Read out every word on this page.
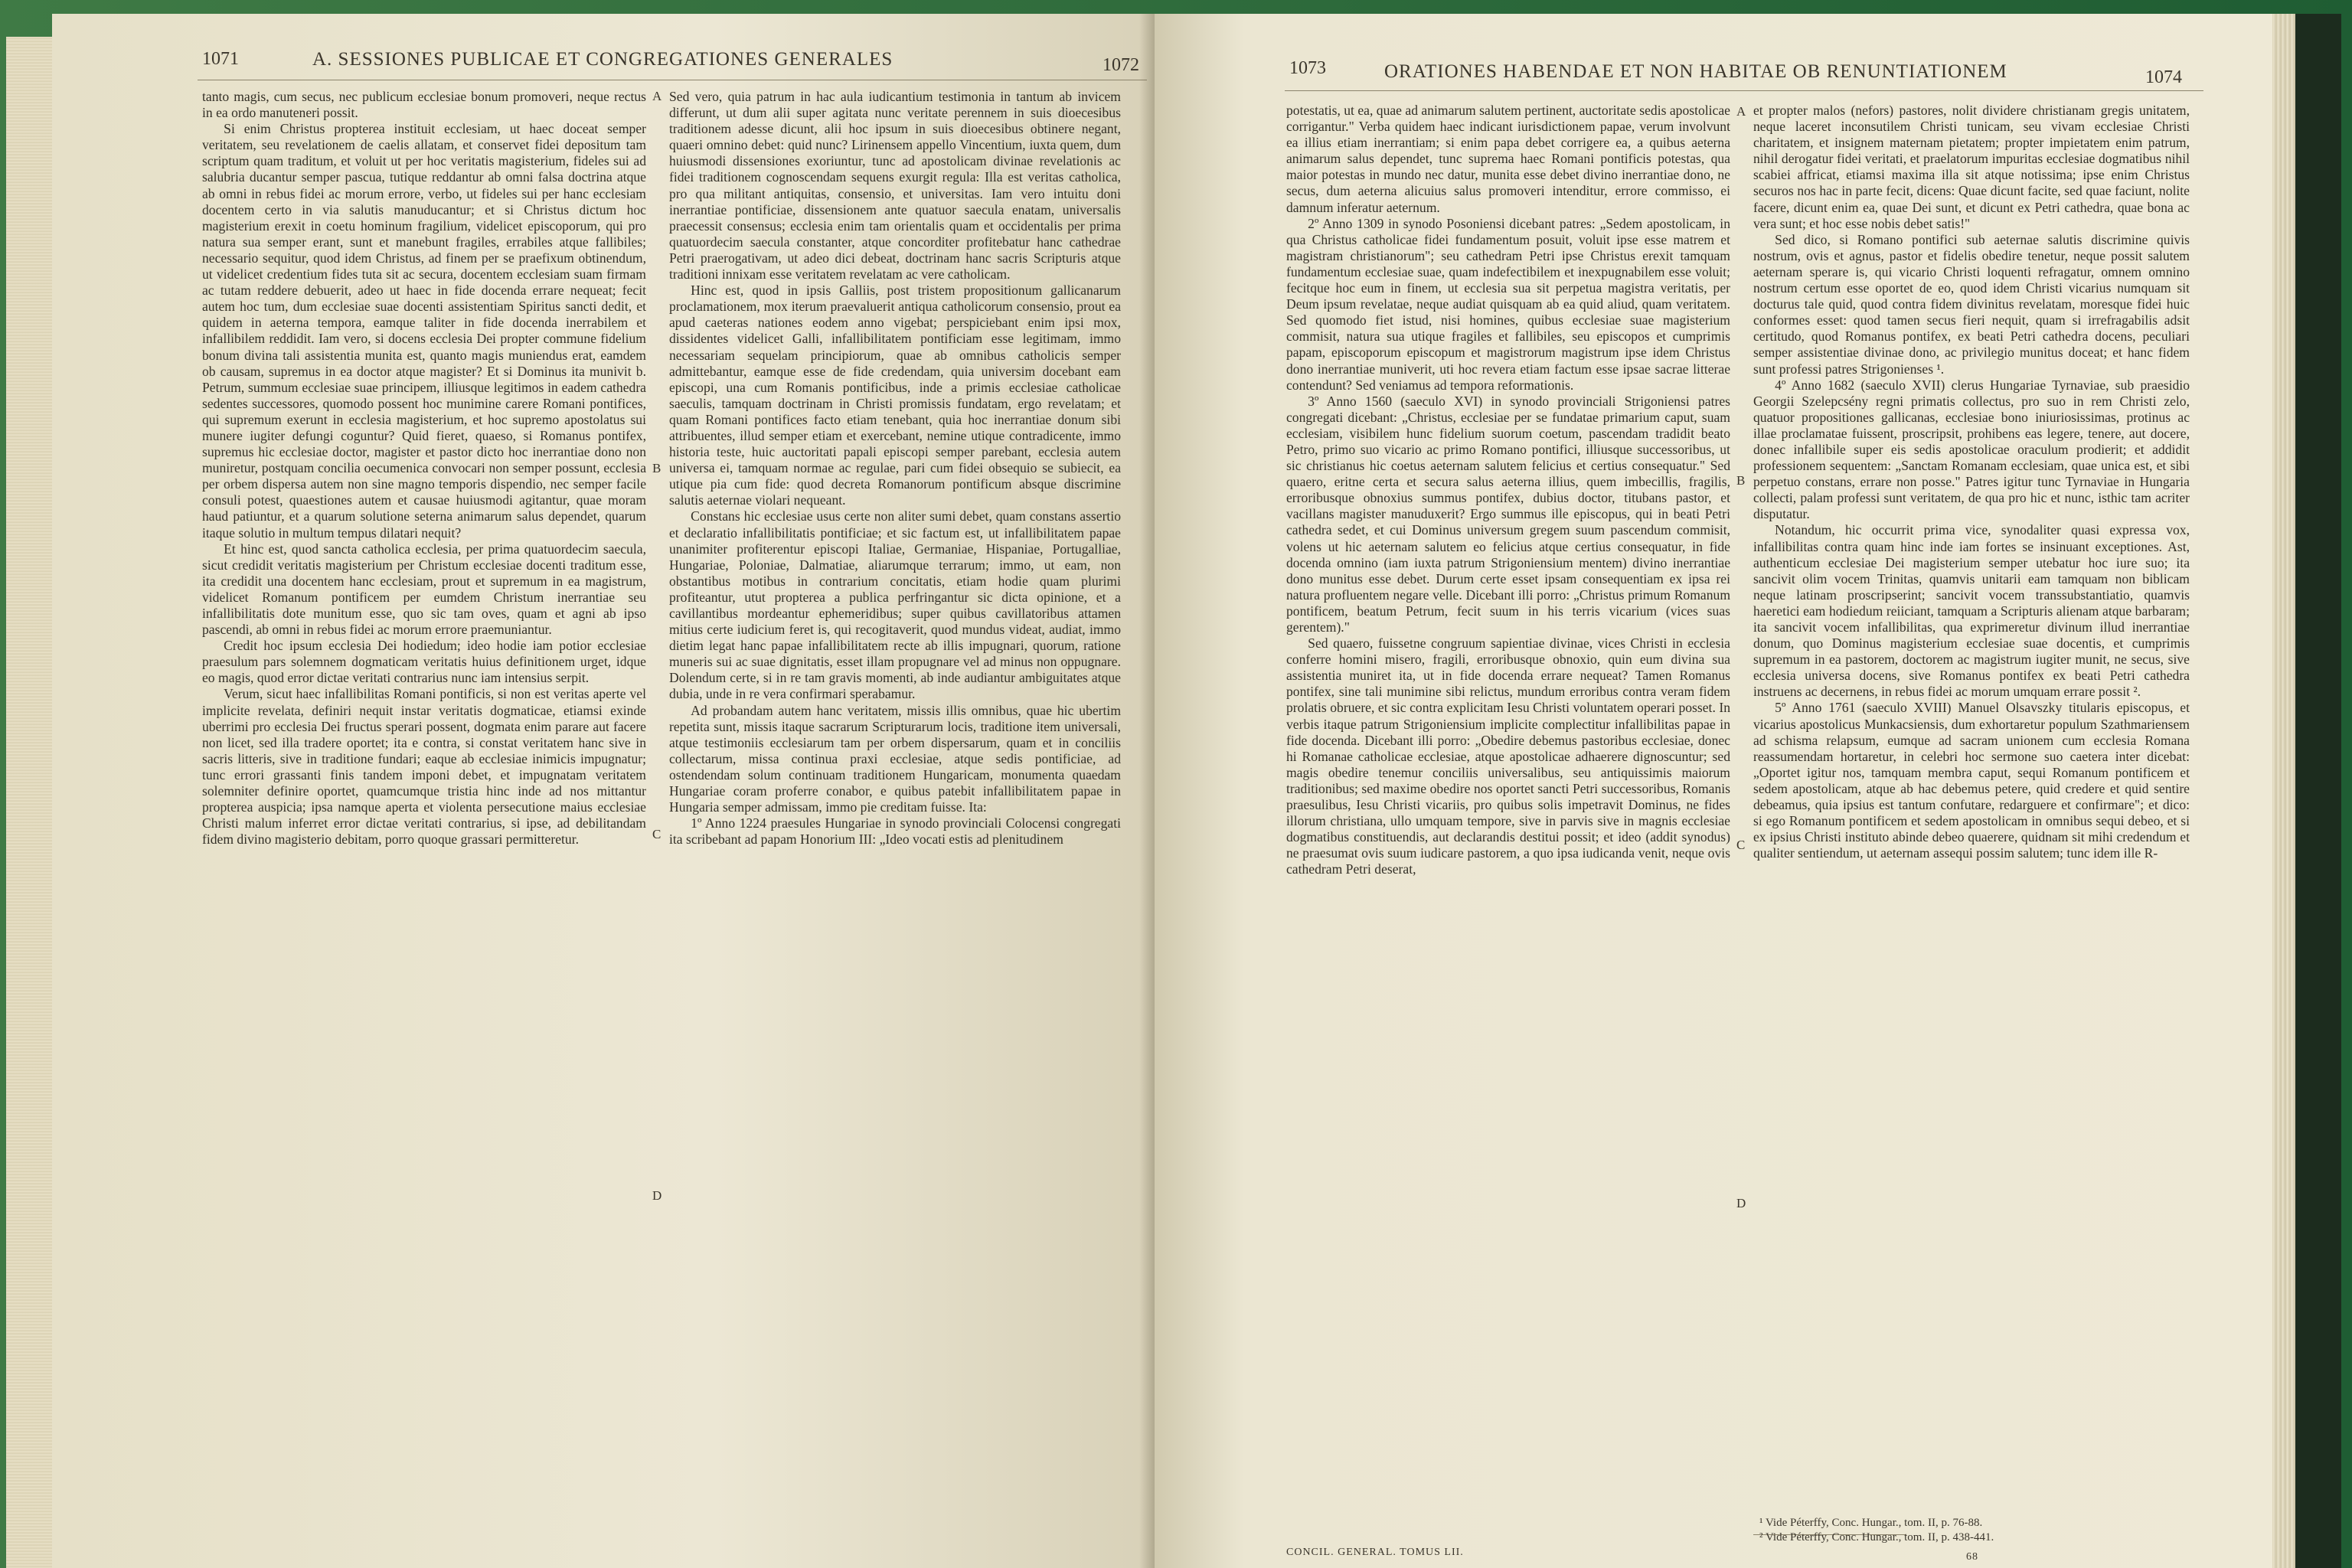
1071	A. SESSIONES PUBLICAE ET CONGREGATIONES GENERALES	1072

tanto magis, cum secus, nec publicum ecclesiae bonum promoveri, neque rectus in ea ordo manuteneri possit.

Si enim Christus propterea instituit ecclesiam, ut haec doceat semper veritatem, seu revelationem de caelis allatam, et conservet fidei depositum tam scriptum quam traditum, et voluit ut per hoc veritatis magisterium, fideles sui ad salubria ducantur semper pascua, tutique reddantur ab omni falsa doctrina atque ab omni in rebus fidei ac morum errore, verbo, ut fideles sui per hanc ecclesiam docentem certo in via salutis manuducantur; et si Christus dictum hoc magisterium erexit in coetu hominum fragilium, videlicet episcoporum, qui pro natura sua semper erant, sunt et manebunt fragiles, errabiles atque fallibiles; necessario sequitur, quod idem Christus, ad finem per se praefixum obtinendum, ut videlicet credentium fides tuta sit ac secura, docentem ecclesiam suam firmam ac tutam reddere debuerit, adeo ut haec in fide docenda errare nequeat; fecit autem hoc tum, dum ecclesiae suae docenti assistentiam Spiritus sancti dedit, et quidem in aeterna tempora, eamque taliter in fide docenda inerrabilem et infallibilem reddidit. Iam vero, si docens ecclesia Dei propter commune fidelium bonum divina tali assistentia munita est, quanto magis muniendus erat, eamdem ob causam, supremus in ea doctor atque magister? Et si Dominus ita munivit b. Petrum, summum ecclesiae suae principem, illiusque legitimos in eadem cathedra sedentes successores, quomodo possent hoc munimine carere Romani pontifices, qui supremum exerunt in ecclesia magisterium, et hoc supremo apostolatus sui munere iugiter defungi coguntur? Quid fieret, quaeso, si Romanus pontifex, supremus hic ecclesiae doctor, magister et pastor dicto hoc inerrantiae dono non muniretur, postquam concilia oecumenica convocari non semper possunt, ecclesia per orbem dispersa autem non sine magno temporis dispendio, nec semper facile consuli potest, quaestiones autem et causae huiusmodi agitantur, quae moram haud patiuntur, et a quarum solutione seterna animarum salus dependet, quarum itaque solutio in multum tempus dilatari nequit?

Et hinc est, quod sancta catholica ecclesia, per prima quatuordecim saecula, sicut credidit veritatis magisterium per Christum ecclesiae docenti traditum esse, ita credidit una docentem hanc ecclesiam, prout et supremum in ea magistrum, videlicet Romanum pontificem per eumdem Christum inerrantiae seu infallibilitatis dote munitum esse, quo sic tam oves, quam et agni ab ipso pascendi, ab omni in rebus fidei ac morum errore praemuniantur.

Credit hoc ipsum ecclesia Dei hodiedum; ideo hodie iam potior ecclesiae praesulum pars solemnem dogmaticam veritatis huius definitionem urget, idque eo magis, quod error dictae veritati contrarius nunc iam intensius serpit.

Verum, sicut haec infallibilitas Romani pontificis, si non est veritas aperte vel implicite revelata, definiri nequit instar veritatis dogmaticae, etiamsi exinde uberrimi pro ecclesia Dei fructus sperari possent, dogmata enim parare aut facere non licet, sed illa tradere oportet; ita e contra, si constat veritatem hanc sive in sacris litteris, sive in traditione fundari; eaque ab ecclesiae inimicis impugnatur; tunc errori grassanti finis tandem imponi debet, et impugnatam veritatem solemniter definire oportet, quamcumque tristia hinc inde ad nos mittantur propterea auspicia; ipsa namque aperta et violenta persecutione maius ecclesiae Christi malum inferret error dictae veritati contrarius, si ipse, ad debilitandam fidem divino magisterio debitam, porro quoque grassari permitteretur.

A
B
C
D

Sed vero, quia patrum in hac aula iudicantium testimonia in tantum ab invicem differunt, ut dum alii super agitata nunc veritate perennem in suis dioecesibus traditionem adesse dicunt, alii hoc ipsum in suis dioecesibus obtinere negant, quaeri omnino debet: quid nunc? Lirinensem appello Vincentium, iuxta quem, dum huiusmodi dissensiones exoriuntur, tunc ad apostolicam divinae revelationis ac fidei traditionem cognoscendam sequens exurgit regula: Illa est veritas catholica, pro qua militant antiquitas, consensio, et universitas. Iam vero intuitu doni inerrantiae pontificiae, dissensionem ante quatuor saecula enatam, universalis praecessit consensus; ecclesia enim tam orientalis quam et occidentalis per prima quatuordecim saecula constanter, atque concorditer profitebatur hanc cathedrae Petri praerogativam, ut adeo dici debeat, doctrinam hanc sacris Scripturis atque traditioni innixam esse veritatem revelatam ac vere catholicam.

Hinc est, quod in ipsis Galliis, post tristem propositionum gallicanarum proclamationem, mox iterum praevaluerit antiqua catholicorum consensio, prout ea apud caeteras nationes eodem anno vigebat; perspiciebant enim ipsi mox, dissidentes videlicet Galli, infallibilitatem pontificiam esse legitimam, immo necessariam sequelam principiorum, quae ab omnibus catholicis semper admittebantur, eamque esse de fide credendam, quia universim docebant eam episcopi, una cum Romanis pontificibus, inde a primis ecclesiae catholicae saeculis, tamquam doctrinam in Christi promissis fundatam, ergo revelatam; et quam Romani pontifices facto etiam tenebant, quia hoc inerrantiae donum sibi attribuentes, illud semper etiam et exercebant, nemine utique contradicente, immo historia teste, huic auctoritati papali episcopi semper parebant, ecclesia autem universa ei, tamquam normae ac regulae, pari cum fidei obsequio se subiecit, ea utique pia cum fide: quod decreta Romanorum pontificum absque discrimine salutis aeternae violari nequeant.

Constans hic ecclesiae usus certe non aliter sumi debet, quam constans assertio et declaratio infallibilitatis pontificiae; et sic factum est, ut infallibilitatem papae unanimiter profiterentur episcopi Italiae, Germaniae, Hispaniae, Portugalliae, Hungariae, Poloniae, Dalmatiae, aliarumque terrarum; immo, ut eam, non obstantibus motibus in contrarium concitatis, etiam hodie quam plurimi profiteantur, utut propterea a publica perfringantur sic dicta opinione, et a cavillantibus mordeantur ephemeridibus; super quibus cavillatoribus attamen mitius certe iudicium feret is, qui recogitaverit, quod mundus videat, audiat, immo dietim legat hanc papae infallibilitatem recte ab illis impugnari, quorum, ratione muneris sui ac suae dignitatis, esset illam propugnare vel ad minus non oppugnare. Dolendum certe, si in re tam gravis momenti, ab inde audiantur ambiguitates atque dubia, unde in re vera confirmari sperabamur.

Ad probandam autem hanc veritatem, missis illis omnibus, quae hic ubertim repetita sunt, missis itaque sacrarum Scripturarum locis, traditione item universali, atque testimoniis ecclesiarum tam per orbem dispersarum, quam et in conciliis collectarum, missa continua praxi ecclesiae, atque sedis pontificiae, ad ostendendam solum continuam traditionem Hungaricam, monumenta quaedam Hungariae coram proferre conabor, e quibus patebit infallibilitatem papae in Hungaria semper admissam, immo pie creditam fuisse. Ita:

1º Anno 1224 praesules Hungariae in synodo provinciali Colocensi congregati ita scribebant ad papam Honorium III: „Ideo vocati estis ad plenitudinem

1073	ORATIONES HABENDAE ET NON HABITAE OB RENUNTIATIONEM	1074

potestatis, ut ea, quae ad animarum salutem pertinent, auctoritate sedis apostolicae corrigantur." Verba quidem haec indicant iurisdictionem papae, verum involvunt ea illius etiam inerrantiam; si enim papa debet corrigere ea, a quibus aeterna animarum salus dependet, tunc suprema haec Romani pontificis potestas, qua maior potestas in mundo nec datur, munita esse debet divino inerrantiae dono, ne secus, dum aeterna alicuius salus promoveri intenditur, errore commisso, ei damnum inferatur aeternum.

2º Anno 1309 in synodo Posoniensi dicebant patres: „Sedem apostolicam, in qua Christus catholicae fidei fundamentum posuit, voluit ipse esse matrem et magistram christianorum"; seu cathedram Petri ipse Christus erexit tamquam fundamentum ecclesiae suae, quam indefectibilem et inexpugnabilem esse voluit; fecitque hoc eum in finem, ut ecclesia sua sit perpetua magistra veritatis, per Deum ipsum revelatae, neque audiat quisquam ab ea quid aliud, quam veritatem. Sed quomodo fiet istud, nisi homines, quibus ecclesiae suae magisterium commisit, natura sua utique fragiles et fallibiles, seu episcopos et cumprimis papam, episcoporum episcopum et magistrorum magistrum ipse idem Christus dono inerrantiae muniverit, uti hoc revera etiam factum esse ipsae sacrae litterae contendunt? Sed veniamus ad tempora reformationis.

3º Anno 1560 (saeculo XVI) in synodo provinciali Strigoniensi patres congregati dicebant: „Christus, ecclesiae per se fundatae primarium caput, suam ecclesiam, visibilem hunc fidelium suorum coetum, pascendam tradidit beato Petro, primo suo vicario ac primo Romano pontifici, illiusque successoribus, ut sic christianus hic coetus aeternam salutem felicius et certius consequatur." Sed quaero, eritne certa et secura salus aeterna illius, quem imbecillis, fragilis, erroribusque obnoxius summus pontifex, dubius doctor, titubans pastor, et vacillans magister manuduxerit? Ergo summus ille episcopus, qui in beati Petri cathedra sedet, et cui Dominus universum gregem suum pascendum commisit, volens ut hic aeternam salutem eo felicius atque certius consequatur, in fide docenda omnino (iam iuxta patrum Strigoniensium mentem) divino inerrantiae dono munitus esse debet. Durum certe esset ipsam consequentiam ex ipsa rei natura profluentem negare velle. Dicebant illi porro: „Christus primum Romanum pontificem, beatum Petrum, fecit suum in his terris vicarium (vices suas gerentem)."

Sed quaero, fuissetne congruum sapientiae divinae, vices Christi in ecclesia conferre homini misero, fragili, erroribusque obnoxio, quin eum divina sua assistentia muniret ita, ut in fide docenda errare nequeat? Tamen Romanus pontifex, sine tali munimine sibi relictus, mundum erroribus contra veram fidem prolatis obruere, et sic contra explicitam Iesu Christi voluntatem operari posset. In verbis itaque patrum Strigoniensium implicite complectitur infallibilitas papae in fide docenda. Dicebant illi porro: „Obedire debemus pastoribus ecclesiae, donec hi Romanae catholicae ecclesiae, atque apostolicae adhaerere dignoscuntur; sed magis obedire tenemur conciliis universalibus, seu antiquissimis maiorum traditionibus; sed maxime obedire nos oportet sancti Petri successoribus, Romanis praesulibus, Iesu Christi vicariis, pro quibus solis impetravit Dominus, ne fides illorum christiana, ullo umquam tempore, sive in parvis sive in magnis ecclesiae dogmatibus constituendis, aut declarandis destitui possit; et ideo (addit synodus) ne praesumat ovis suum iudicare pastorem, a quo ipsa iudicanda venit, neque ovis cathedram Petri deserat,

A
B
C
D

et propter malos (nefors) pastores, nolit dividere christianam gregis unitatem, neque laceret inconsutilem Christi tunicam, seu vivam ecclesiae Christi charitatem, et insignem maternam pietatem; propter impietatem enim patrum, nihil derogatur fidei veritati, et praelatorum impuritas ecclesiae dogmatibus nihil scabiei affricat, etiamsi maxima illa sit atque notissima; ipse enim Christus securos nos hac in parte fecit, dicens: Quae dicunt facite, sed quae faciunt, nolite facere, dicunt enim ea, quae Dei sunt, et dicunt ex Petri cathedra, quae bona ac vera sunt; et hoc esse nobis debet satis!"

Sed dico, si Romano pontifici sub aeternae salutis discrimine quivis nostrum, ovis et agnus, pastor et fidelis obedire tenetur, neque possit salutem aeternam sperare is, qui vicario Christi loquenti refragatur, omnem omnino nostrum certum esse oportet de eo, quod idem Christi vicarius numquam sit docturus tale quid, quod contra fidem divinitus revelatam, moresque fidei huic conformes esset: quod tamen secus fieri nequit, quam si irrefragabilis adsit certitudo, quod Romanus pontifex, ex beati Petri cathedra docens, peculiari semper assistentiae divinae dono, ac privilegio munitus doceat; et hanc fidem sunt professi patres Strigonienses ¹.

4º Anno 1682 (saeculo XVII) clerus Hungariae Tyrnaviae, sub praesidio Georgii Szelepcsény regni primatis collectus, pro suo in rem Christi zelo, quatuor propositiones gallicanas, ecclesiae bono iniuriosissimas, protinus ac illae proclamatae fuissent, proscripsit, prohibens eas legere, tenere, aut docere, donec infallibile super eis sedis apostolicae oraculum prodierit; et addidit professionem sequentem: „Sanctam Romanam ecclesiam, quae unica est, et sibi perpetuo constans, errare non posse." Patres igitur tunc Tyrnaviae in Hungaria collecti, palam professi sunt veritatem, de qua pro hic et nunc, isthic tam acriter disputatur.

Notandum, hic occurrit prima vice, synodaliter quasi expressa vox, infallibilitas contra quam hinc inde iam fortes se insinuant exceptiones. Ast, authenticum ecclesiae Dei magisterium semper utebatur hoc iure suo; ita sancivit olim vocem Trinitas, quamvis unitarii eam tamquam non biblicam neque latinam proscripserint; sancivit vocem transsubstantiatio, quamvis haeretici eam hodiedum reiiciant, tamquam a Scripturis alienam atque barbaram; ita sancivit vocem infallibilitas, qua exprimeretur divinum illud inerrantiae donum, quo Dominus magisterium ecclesiae suae docentis, et cumprimis supremum in ea pastorem, doctorem ac magistrum iugiter munit, ne secus, sive ecclesia universa docens, sive Romanus pontifex ex beati Petri cathedra instruens ac decernens, in rebus fidei ac morum umquam errare possit ².

5º Anno 1761 (saeculo XVIII) Manuel Olsavszky titularis episcopus, et vicarius apostolicus Munkacsiensis, dum exhortaretur populum Szathmariensem ad schisma relapsum, eumque ad sacram unionem cum ecclesia Romana reassumendam hortaretur, in celebri hoc sermone suo caetera inter dicebat: „Oportet igitur nos, tamquam membra caput, sequi Romanum pontificem et sedem apostolicam, atque ab hac debemus petere, quid credere et quid sentire debeamus, quia ipsius est tantum confutare, redarguere et confirmare"; et dico: si ego Romanum pontificem et sedem apostolicam in omnibus sequi debeo, et si ex ipsius Christi instituto abinde debeo quaerere, quidnam sit mihi credendum et qualiter sentiendum, ut aeternam assequi possim salutem; tunc idem ille R-

¹ Vide Péterffy, Conc. Hungar., tom. II, p. 76-88.
² Vide Péterffy, Conc. Hungar., tom. II, p. 438-441.
CONCIL. GENERAL. TOMUS LII.	68
